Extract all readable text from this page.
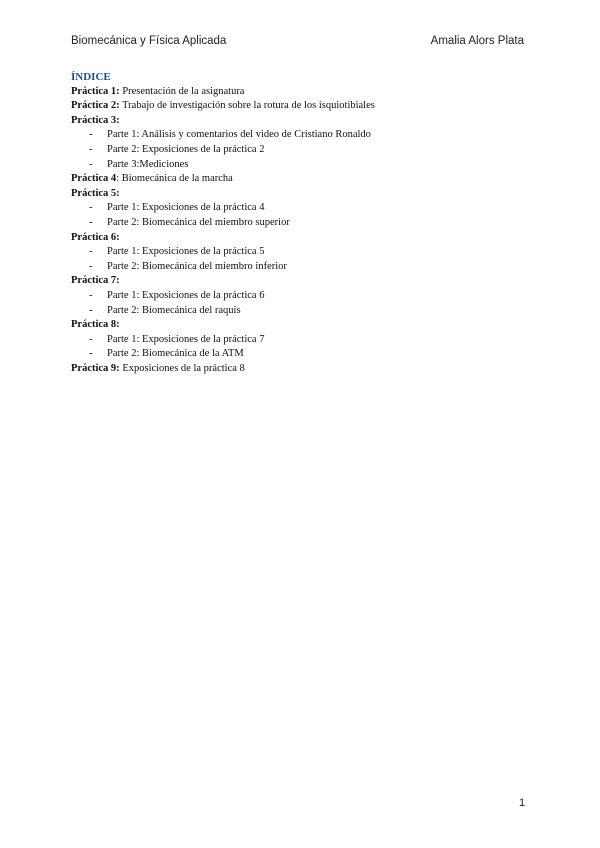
Biomecánica y Física Aplicada	Amalia Alors Plata
ÍNDICE
Práctica 1: Presentación de la asignatura
Práctica 2: Trabajo de investigación sobre la rotura de los isquiotibiales
Práctica 3:
- Parte 1: Análisis y comentarios del video de Cristiano Ronaldo
- Parte 2: Exposiciones de la práctica 2
- Parte 3:Mediciones
Práctica 4: Biomecánica de la marcha
Práctica 5:
- Parte 1: Exposiciones de la práctica 4
- Parte 2: Biomecánica del miembro superior
Práctica 6:
- Parte 1: Exposiciones de la práctica 5
- Parte 2: Biomecánica del miembro inferior
Práctica 7:
- Parte 1: Exposiciones de la práctica 6
- Parte 2: Biomecánica del raquis
Práctica 8:
- Parte 1: Exposiciones de la práctica 7
- Parte 2: Biomecánica de la ATM
Práctica 9: Exposiciones de la práctica 8
1
